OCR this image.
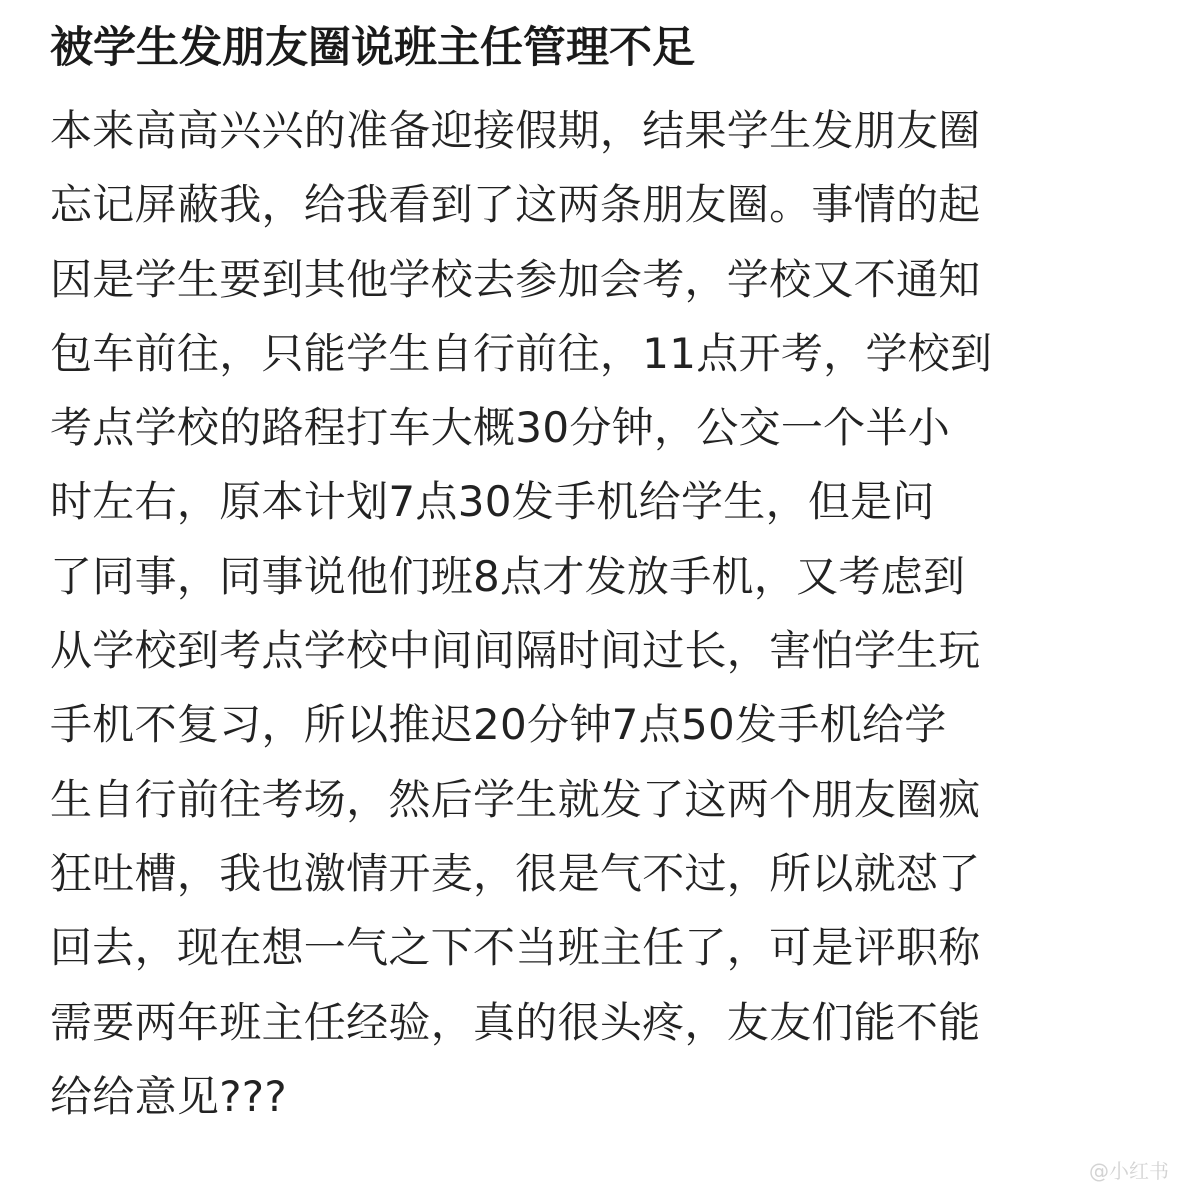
被学生发朋友圈说班主任管理不足
本来高高兴兴的准备迎接假期，结果学生发朋友圈
忘记屏蔽我，给我看到了这两条朋友圈。事情的起
因是学生要到其他学校去参加会考，学校又不通知
包车前往，只能学生自行前往，11点开考，学校到
考点学校的路程打车大概30分钟，公交一个半小
时左右，原本计划7点30发手机给学生，但是问
了同事，同事说他们班8点才发放手机，又考虑到
从学校到考点学校中间间隔时间过长，害怕学生玩
手机不复习，所以推迟20分钟7点50发手机给学
生自行前往考场，然后学生就发了这两个朋友圈疯
狂吐槽，我也激情开麦，很是气不过，所以就怼了
回去，现在想一气之下不当班主任了，可是评职称
需要两年班主任经验，真的很头疼，友友们能不能
给给意见???
@小红书
